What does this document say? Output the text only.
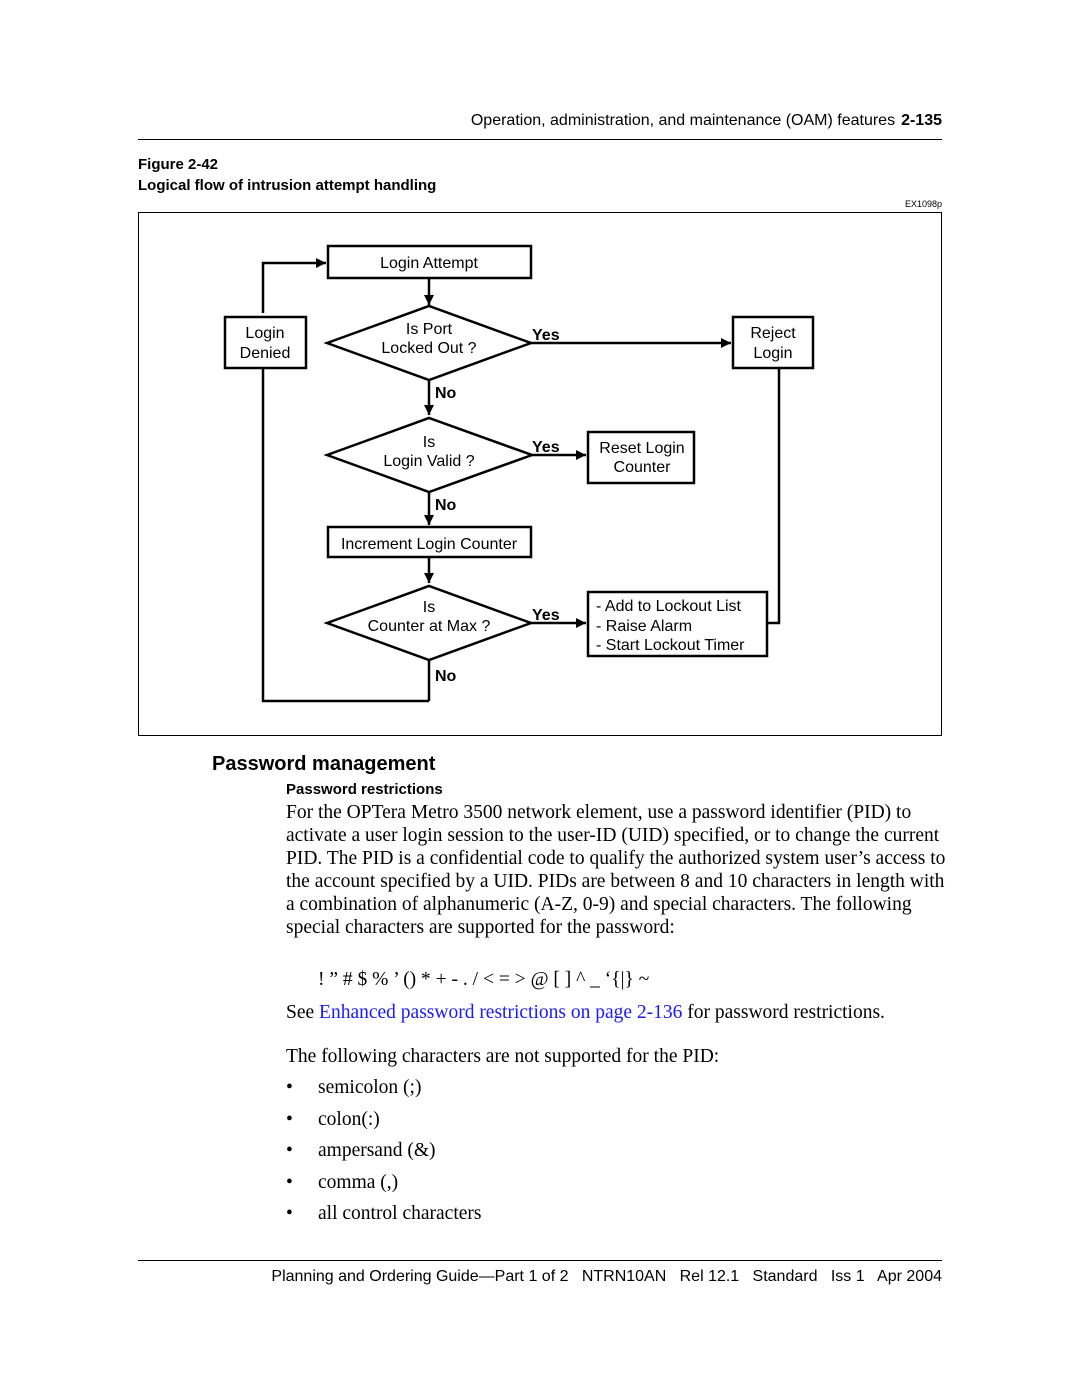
Operation, administration, and maintenance (OAM) features 2-135
Figure 2-42
Logical flow of intrusion attempt handling
EX1098p
Login Attempt
Is Port
Locked Out ?
Is
Login Valid ?
Increment Login Counter
Is
Counter at Max ?
Login
Denied
Reject
Login
Reset Login
Counter
- Add to Lockout List
- Raise Alarm
- Start Lockout Timer
Yes
No
Yes
No
Yes
No
Password management
Password restrictions
For the OPTera Metro 3500 network element, use a password identifier (PID) to activate a user login session to the user-ID (UID) specified, or to change the current PID. The PID is a confidential code to qualify the authorized system user’s access to the account specified by a UID. PIDs are between 8 and 10 characters in length with a combination of alphanumeric (A-Z, 0-9) and special characters. The following special characters are supported for the password:
! ” # $ % ’ () * + - . / < = > @ [ ] ^ _ ‘{|} ~
See Enhanced password restrictions on page 2-136 for password restrictions.
The following characters are not supported for the PID:
• semicolon (;)
• colon(:)
• ampersand (&)
• comma (,)
• all control characters
Planning and Ordering Guide—Part 1 of 2   NTRN10AN   Rel 12.1   Standard   Iss 1   Apr 2004
